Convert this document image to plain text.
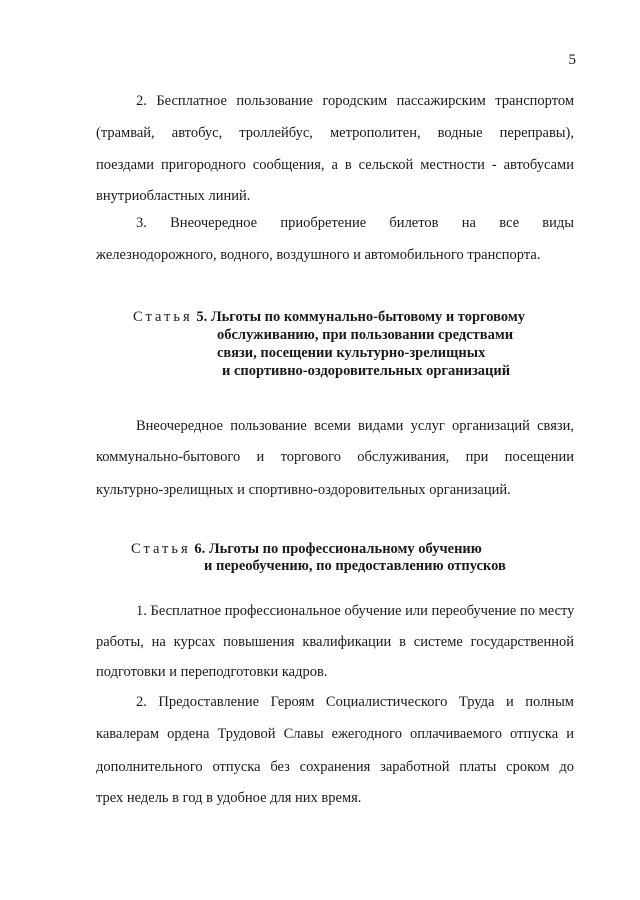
5
2. Бесплатное пользование городским пассажирским транспортом
(трамвай, автобус, троллейбус, метрополитен, водные переправы),
поездами пригородного сообщения, а в сельской местности - автобусами
внутриобластных линий.
3. Внеочередное приобретение билетов на все виды
железнодорожного, водного, воздушного и автомобильного транспорта.
Статья 5. Льготы по коммунально-бытовому и торговому
обслуживанию, при пользовании средствами
связи, посещении культурно-зрелищных
и спортивно-оздоровительных организаций
Внеочередное пользование всеми видами услуг организаций связи,
коммунально-бытового и торгового обслуживания, при посещении
культурно-зрелищных и спортивно-оздоровительных организаций.
Статья 6. Льготы по профессиональному обучению
и переобучению, по предоставлению отпусков
1. Бесплатное профессиональное обучение или переобучение по месту
работы, на курсах повышения квалификации в системе государственной
подготовки и переподготовки кадров.
2. Предоставление Героям Социалистического Труда и полным
кавалерам ордена Трудовой Славы ежегодного оплачиваемого отпуска и
дополнительного отпуска без сохранения заработной платы сроком до
трех недель в год в удобное для них время.
